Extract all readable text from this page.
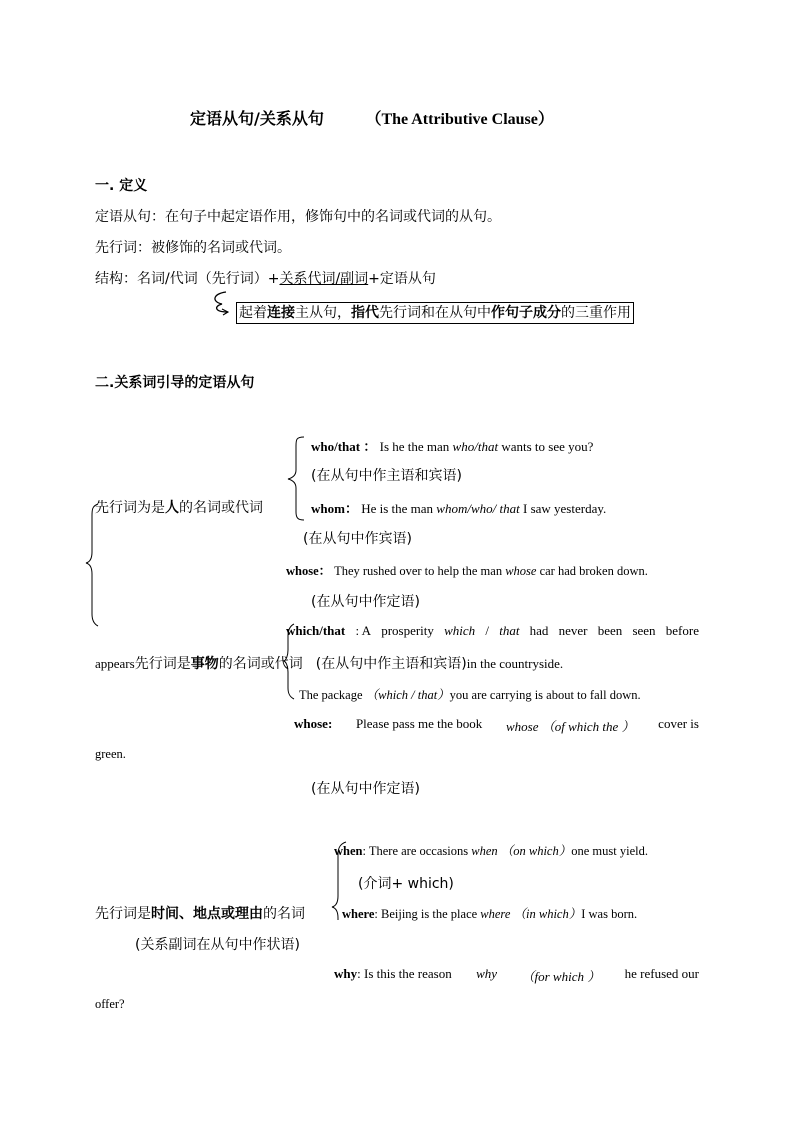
定语从句/关系从句	（The Attributive Clause）
一. 定义
定语从句：在句子中起定语作用，修饰句中的名词或代词的从句。
先行词：被修饰的名词或代词。
结构：名词/代词（先行词）+关系代词/副词+定语从句
起着连接主从句，指代先行词和在从句中作句子成分的三重作用
二.关系词引导的定语从句
who/that ： Is he the man who/that wants to see you?
(在从句中作主语和宾语)
先行词为是人的名词或代词	whom： He is the man whom/who/ that I saw yesterday.
(在从句中作宾语)
whose： They rushed over to help the man whose car had broken down.
(在从句中作定语)
which/that : A prosperity which / that had never been seen before
appears先行词是事物的名词或代词 (在从句中作主语和宾语)in the countryside.
The package （which / that）you are carrying is about to fall down.
whose: Please pass me the book whose （of which the ） cover is
green.
(在从句中作定语)
when: There are occasions when （on which）one must yield.
(介词+ which)
先行词是时间、地点或理由的名词	where: Beijing is the place where （in which）I was born.
(关系副词在从句中作状语)
why: Is this the reason why （for which ） he refused our
offer?
